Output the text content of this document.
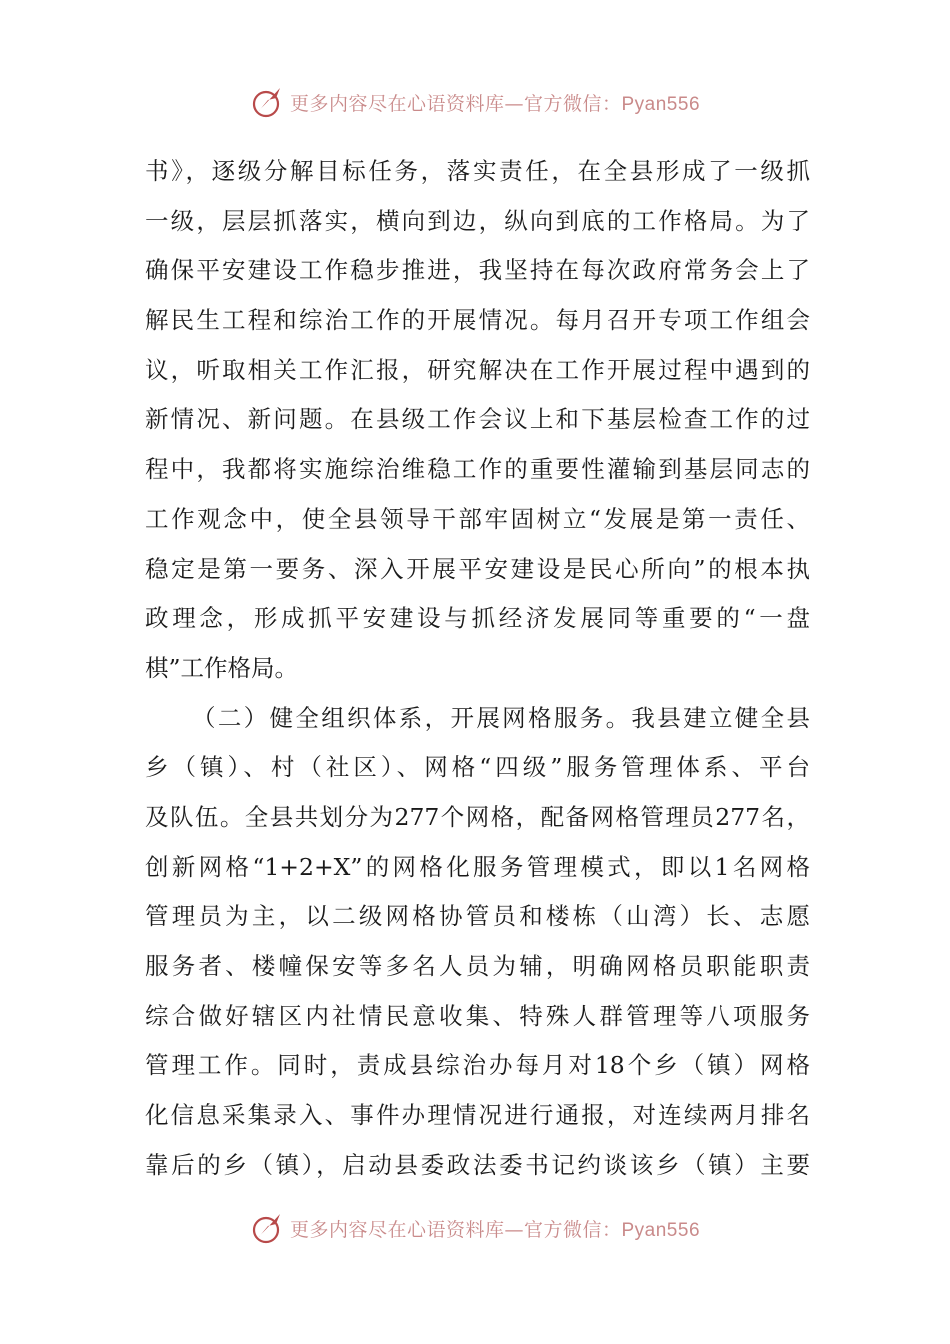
更多内容尽在心语资料库—官方微信：Pyan556
书》，逐级分解目标任务，落实责任，在全县形成了一级抓
一级，层层抓落实，横向到边，纵向到底的工作格局。为了
确保平安建设工作稳步推进，我坚持在每次政府常务会上了
解民生工程和综治工作的开展情况。每月召开专项工作组会
议，听取相关工作汇报，研究解决在工作开展过程中遇到的
新情况、新问题。在县级工作会议上和下基层检查工作的过
程中，我都将实施综治维稳工作的重要性灌输到基层同志的
工作观念中，使全县领导干部牢固树立“发展是第一责任、
稳定是第一要务、深入开展平安建设是民心所向”的根本执
政理念，形成抓平安建设与抓经济发展同等重要的“一盘
棋”工作格局。
（二）健全组织体系，开展网格服务。我县建立健全县
乡（镇）、村（社区）、网格“四级”服务管理体系、平台
及队伍。全县共划分为277个网格，配备网格管理员277名，
创新网格“1+2+X”的网格化服务管理模式，即以1名网格
管理员为主，以二级网格协管员和楼栋（山湾）长、志愿
服务者、楼幢保安等多名人员为辅，明确网格员职能职责
综合做好辖区内社情民意收集、特殊人群管理等八项服务
管理工作。同时，责成县综治办每月对18个乡（镇）网格
化信息采集录入、事件办理情况进行通报，对连续两月排名
靠后的乡（镇），启动县委政法委书记约谈该乡（镇）主要
更多内容尽在心语资料库—官方微信：Pyan556
